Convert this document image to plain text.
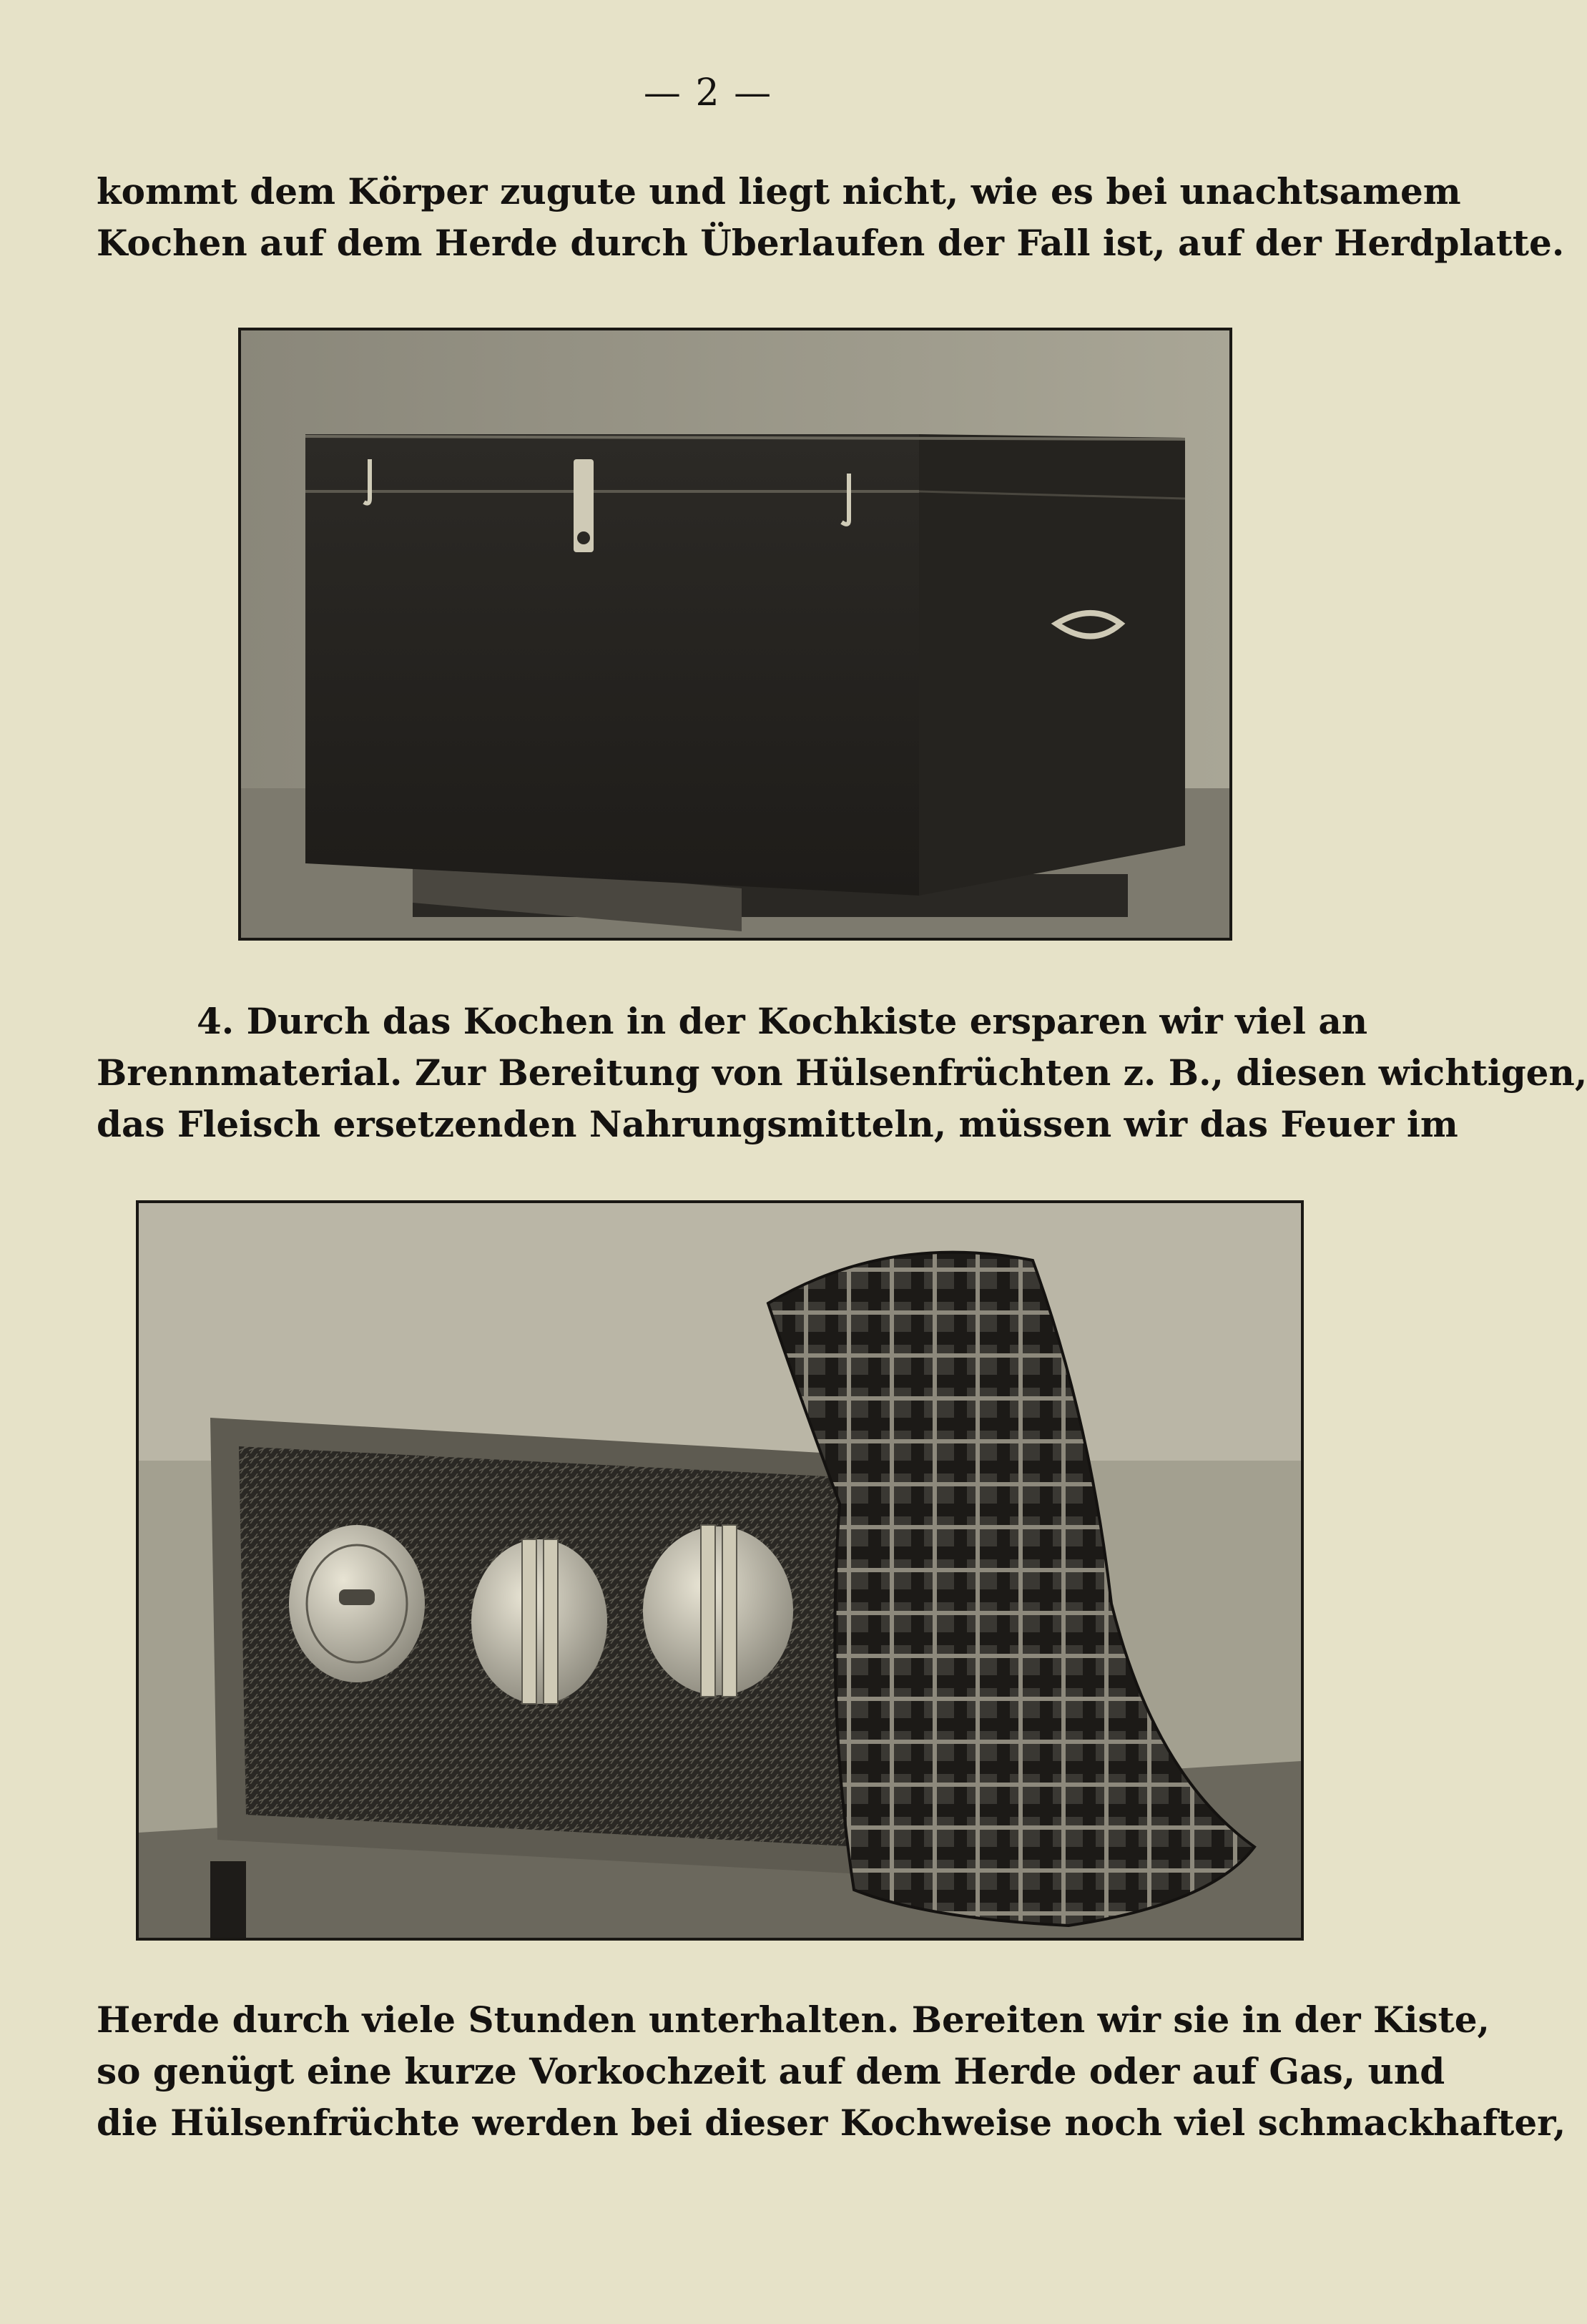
— 2 —
kommt dem Körper zugute und liegt nicht, wie es bei unachtsamem
Kochen auf dem Herde durch Überlaufen der Fall ist, auf der Herdplatte.
4. Durch das Kochen in der Kochkiste ersparen wir viel an
Brennmaterial. Zur Bereitung von Hülsenfrüchten z. B., diesen wichtigen,
das Fleisch ersetzenden Nahrungsmitteln, müssen wir das Feuer im
Herde durch viele Stunden unterhalten. Bereiten wir sie in der Kiste,
so genügt eine kurze Vorkochzeit auf dem Herde oder auf Gas, und
die Hülsenfrüchte werden bei dieser Kochweise noch viel schmackhafter,
